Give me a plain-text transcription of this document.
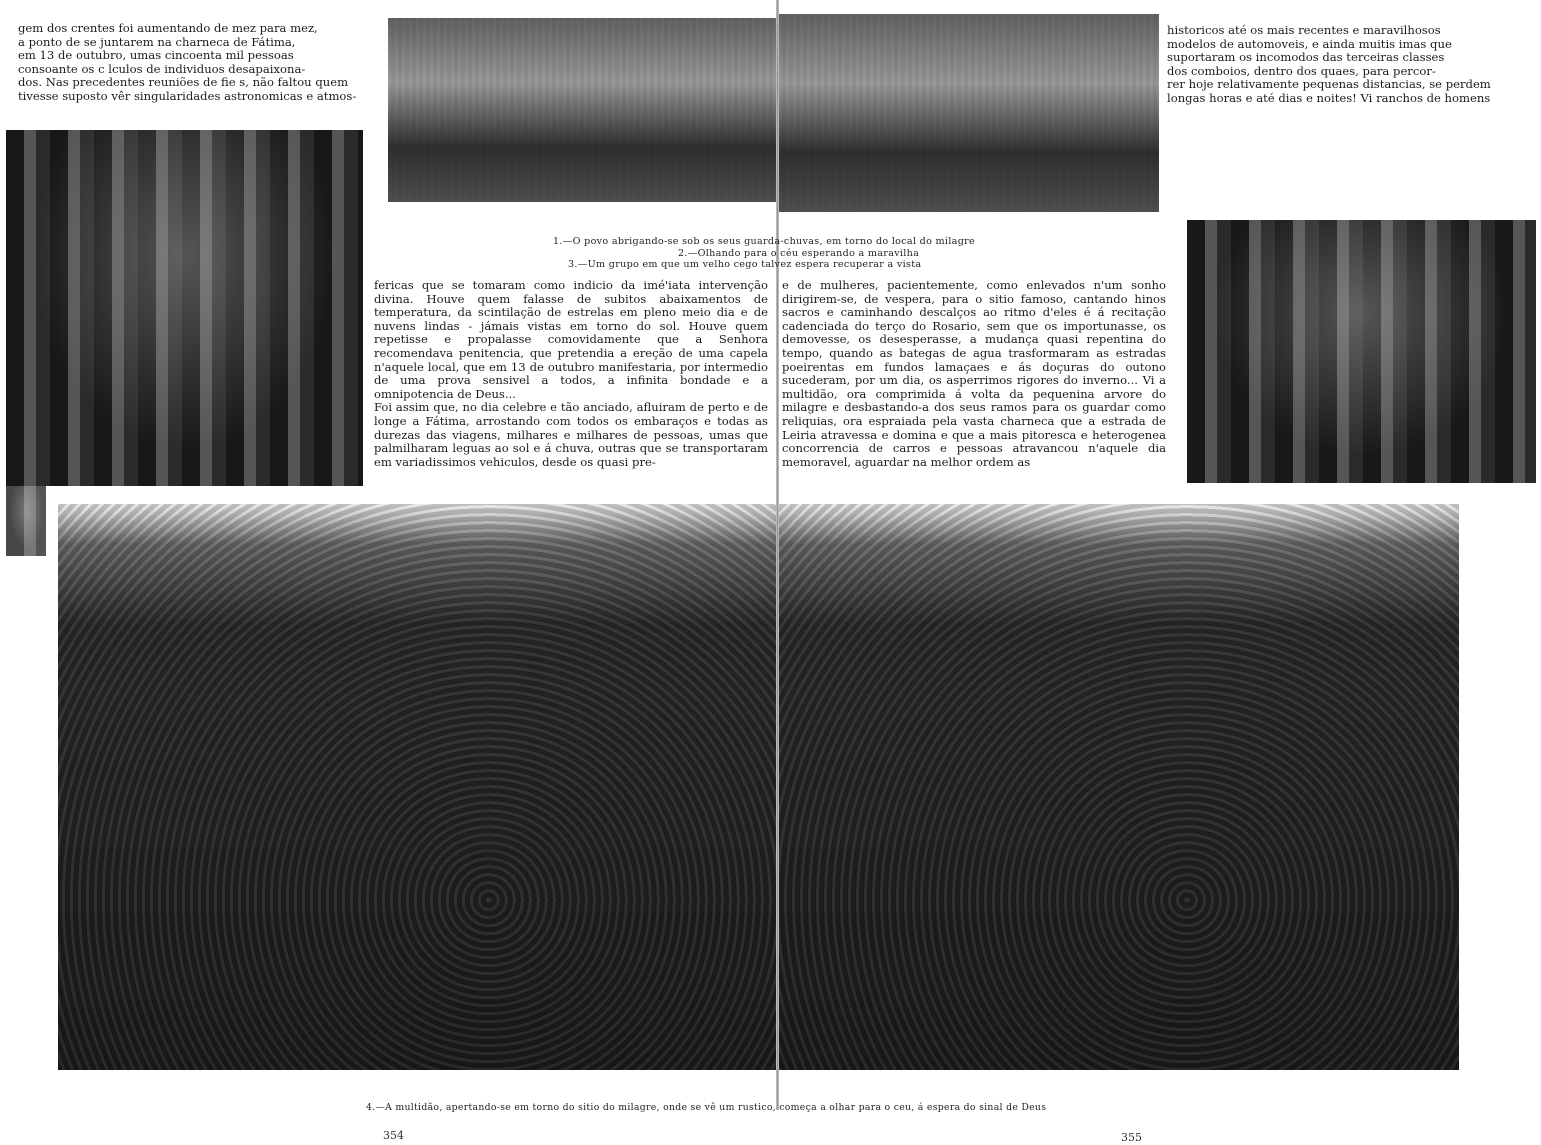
gem dos crentes foi aumentando de mez para mez,
a ponto de se juntarem na charneca de Fátima,
em 13 de outubro, umas cincoenta mil pessoas
consoante os c lculos de individuos desapaixona-
dos. Nas precedentes reuniões de fie s, não faltou quem
tivesse suposto vêr singularidades astronomicas e atmos-

1.—O povo abrigando-se sob os seus guarda-chuvas, em torno do local do milagre
2.—Olhando para o céu esperando a maravilha
3.—Um grupo em que um velho cego talvez espera recuperar a vista

fericas que se tomaram como indicio da imé'iata intervenção divina. Houve quem falasse de subitos abaixamentos de temperatura, da scintilação de estrelas em pleno meio dia e de nuvens lindas - jámais vistas em torno do sol. Houve quem repetisse e propalasse comovidamente que a Senhora recomendava penitencia, que pretendia a ereção de uma capela n'aquele local, que em 13 de outubro manifestaria, por intermedio de uma prova sensivel a todos, a infinita bondade e a omnipotencia de Deus...
Foi assim que, no dia celebre e tão anciado, afluiram de perto e de longe a Fátima, arrostando com todos os embaraços e todas as durezas das viagens, milhares e milhares de pessoas, umas que palmilharam leguas ao sol e á chuva, outras que se transportaram em variadissimos vehiculos, desde os quasi pre-

historicos até os mais recentes e maravilhosos
modelos de automoveis, e ainda muitis imas que
suportaram os incomodos das terceiras classes
dos comboios, dentro dos quaes, para percor-
rer hoje relativamente pequenas distancias, se perdem
longas horas e até dias e noites! Vi ranchos de homens

e de mulheres, pacientemente, como enlevados n'um sonho dirigirem-se, de vespera, para o sitio famoso, cantando hinos sacros e caminhando descalços ao ritmo d'eles é á recitação cadenciada do terço do Rosario, sem que os importunasse, os demovesse, os desesperasse, a mudança quasi repentina do tempo, quando as bategas de agua trasformaram as estradas poeirentas em fundos lamaçaes e ás doçuras do outono sucederam, por um dia, os asperrimos rigores do inverno... Vi a multidão, ora comprimida á volta da pequenina arvore do milagre e desbastando-a dos seus ramos para os guardar como reliquias, ora espraiada pela vasta charneca que a estrada de Leiria atravessa e domina e que a mais pitoresca e heterogenea concorrencia de carros e pessoas atravancou n'aquele dia memoravel, aguardar na melhor ordem as

4.—A multidão, apertando-se em torno do sitio do milagre, onde se vê um rustico, começa a olhar para o ceu, á espera do sinal de Deus
354	355
